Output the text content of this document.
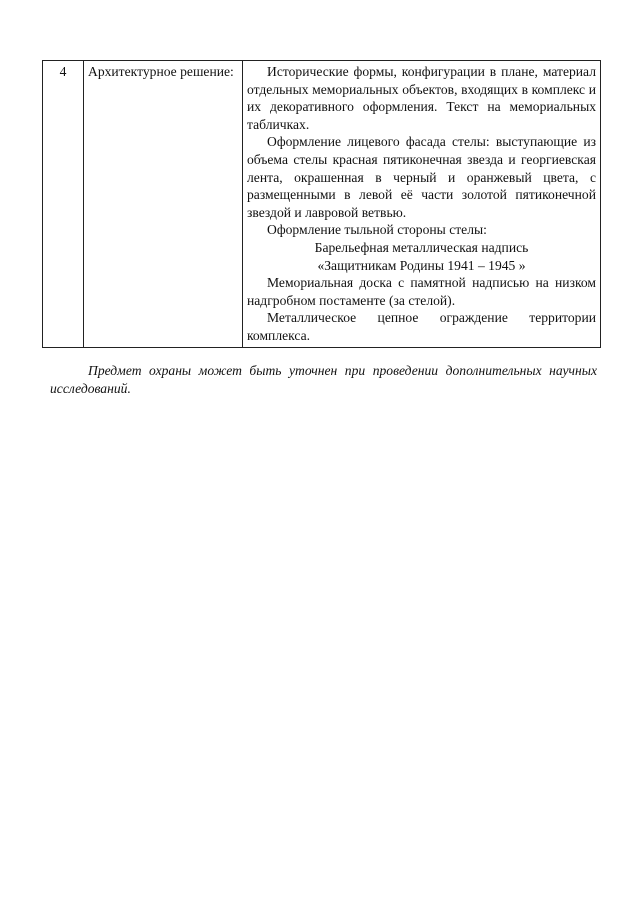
4	Архитектурное решение:	Исторические формы, конфигурации в плане, материал отдельных мемориальных объектов, входящих в комплекс и их декоративного оформления. Текст на мемориальных табличках.

Оформление лицевого фасада стелы: выступающие из объема стелы красная пятиконечная звезда и георгиевская лента, окрашенная в черный и оранжевый цвета, с размещенными в левой её части золотой пятиконечной звездой и лавровой ветвью.

Оформление тыльной стороны стелы:

Барельефная металлическая надпись

«Защитникам Родины 1941 – 1945 »

Мемориальная доска с памятной надписью на низком надгробном постаменте (за стелой).

Металлическое цепное ограждение территории комплекса.

Предмет охраны может быть уточнен при проведении дополнительных научных исследований.
